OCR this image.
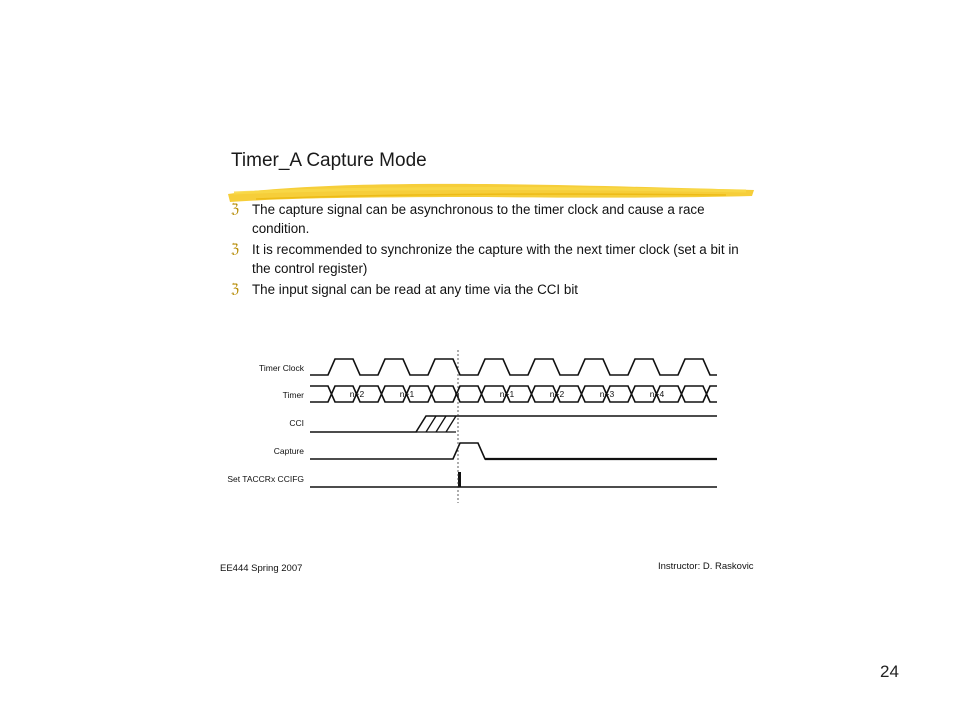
Timer_A Capture Mode
ℨ The capture signal can be asynchronous to the timer clock and cause a race condition.
ℨ It is recommended to synchronize the capture with the next timer clock (set a bit in the control register)
ℨ The input signal can be read at any time via the CCI bit
Timer Clock
Timer
CCI
Capture
Set TACCRx CCIFG
n−2	n−1	n	n+1	n+2	n+3	n+4
EE444 Spring 2007	Instructor: D. Raskovic
24
